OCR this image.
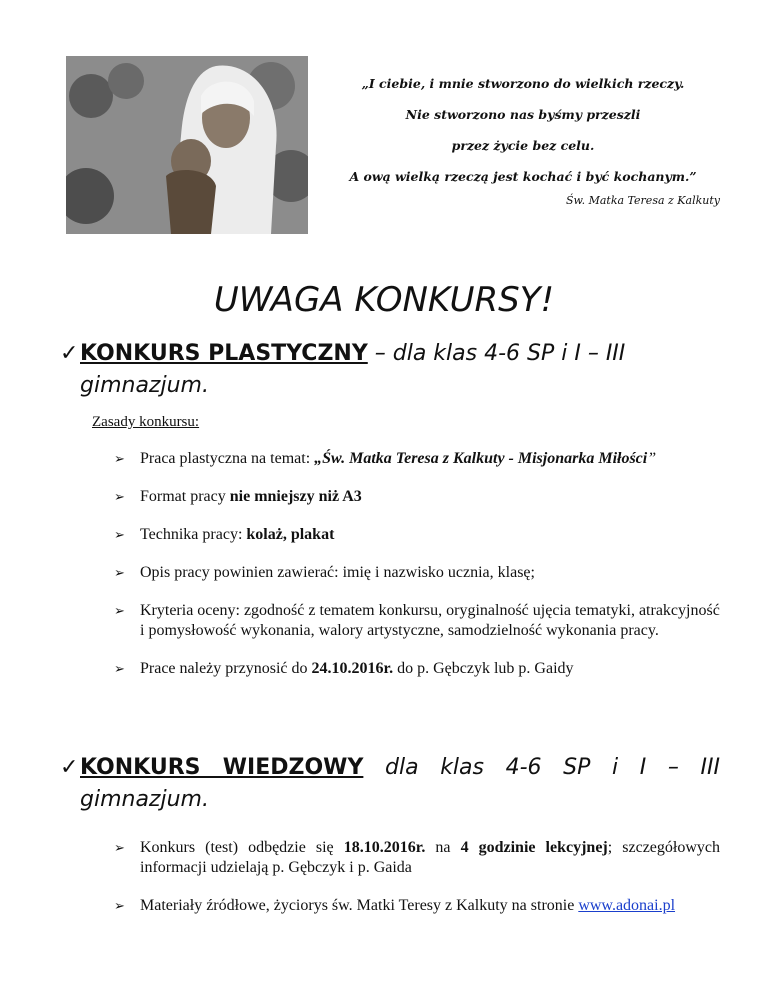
„I ciebie, i mnie stworzono do wielkich rzeczy.

Nie stworzono nas byśmy przeszli

przez życie bez celu.

A ową wielką rzeczą jest kochać i być kochanym.”

Św. Matka Teresa z Kalkuty
UWAGA KONKURSY!
✓ KONKURS PLASTYCZNY – dla klas 4-6 SP i I – III gimnazjum.
Zasady konkursu:
➢ Praca plastyczna na temat: „Św. Matka Teresa z Kalkuty - Misjonarka Miłości”
➢ Format pracy nie mniejszy niż A3
➢ Technika pracy: kolaż, plakat
➢ Opis pracy powinien zawierać: imię i nazwisko ucznia, klasę;
➢ Kryteria oceny: zgodność z tematem konkursu, oryginalność ujęcia tematyki, atrakcyjność i pomysłowość wykonania, walory artystyczne, samodzielność wykonania pracy.
➢ Prace należy przynosić do 24.10.2016r. do p. Gębczyk lub p. Gaidy
✓ KONKURS WIEDZOWY dla klas 4-6 SP i I – III gimnazjum.
➢ Konkurs (test) odbędzie się 18.10.2016r. na 4 godzinie lekcyjnej; szczegółowych informacji udzielają p. Gębczyk i p. Gaida
➢ Materiały źródłowe, życiorys św. Matki Teresy z Kalkuty na stronie www.adonai.pl
